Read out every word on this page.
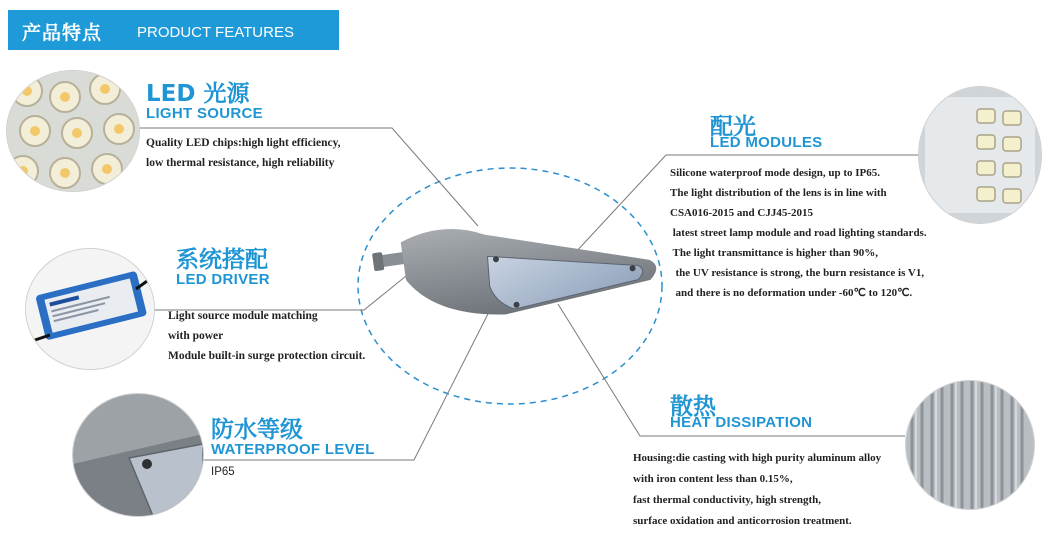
产品特点 PRODUCT FEATURES
LED 光源
LIGHT SOURCE
Quality LED chips:high light efficiency,
low thermal resistance, high reliability
系统搭配
LED DRIVER
Light source module matching
with power
Module built-in surge protection circuit.
防水等级
WATERPROOF LEVEL
IP65
配光
LED MODULES
Silicone waterproof mode design, up to IP65.
The light distribution of the lens is in line with
CSA016-2015 and CJJ45-2015
latest street lamp module and road lighting standards.
The light transmittance is higher than 90%,
the UV resistance is strong, the burn resistance is V1,
and there is no deformation under -60℃ to 120℃.
散热
HEAT DISSIPATION
Housing:die casting with high purity aluminum alloy
with iron content less than 0.15%,
fast thermal conductivity, high strength,
surface oxidation and anticorrosion treatment.
